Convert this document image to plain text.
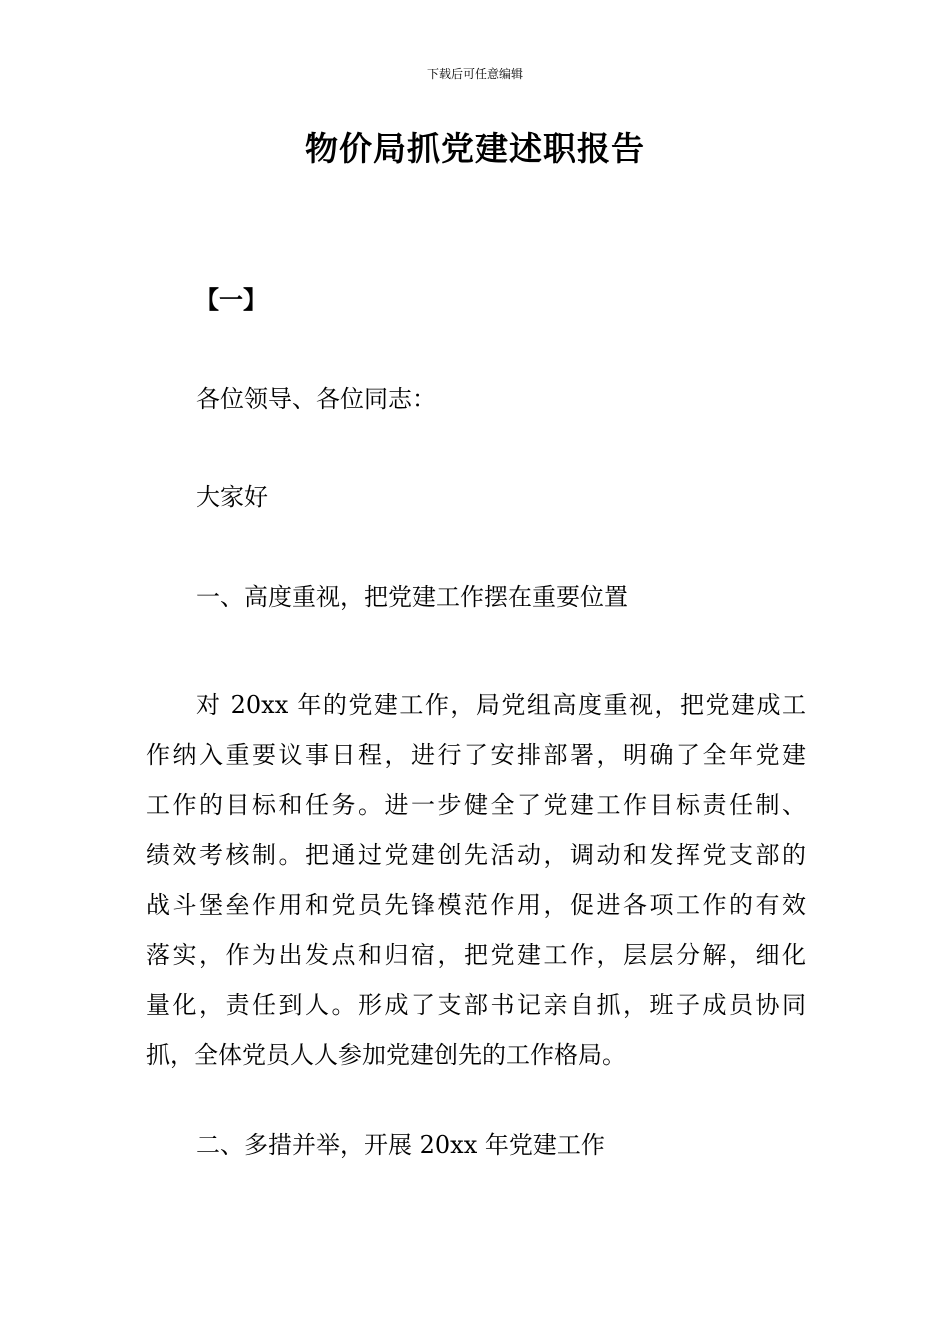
下载后可任意编辑
物价局抓党建述职报告
【一】
各位领导、各位同志：
大家好
一、高度重视，把党建工作摆在重要位置
对 20xx 年的党建工作，局党组高度重视，把党建成工
作纳入重要议事日程，进行了安排部署，明确了全年党建
工作的目标和任务。进一步健全了党建工作目标责任制、
绩效考核制。把通过党建创先活动，调动和发挥党支部的
战斗堡垒作用和党员先锋模范作用，促进各项工作的有效
落实，作为出发点和归宿，把党建工作，层层分解，细化
量化，责任到人。形成了支部书记亲自抓，班子成员协同
抓，全体党员人人参加党建创先的工作格局。
二、多措并举，开展 20xx 年党建工作
